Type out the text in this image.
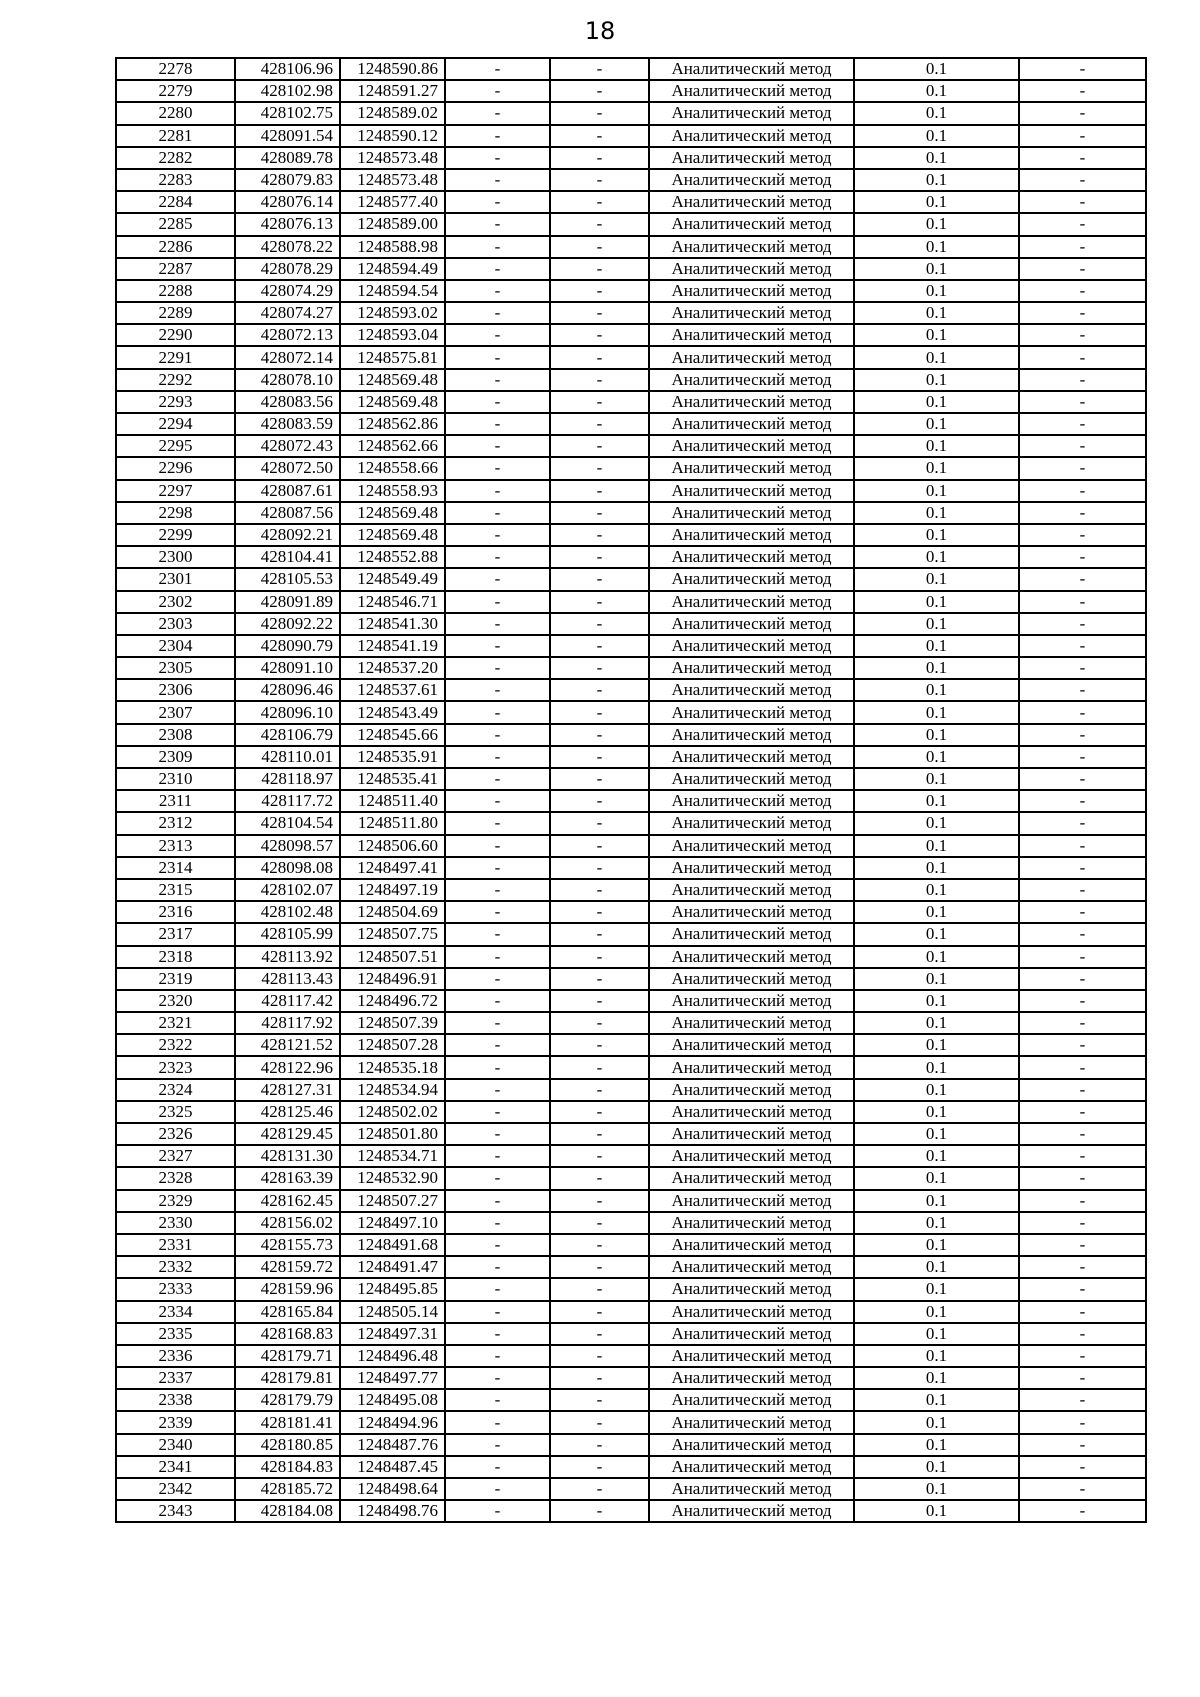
18
2278	428106.96	1248590.86	-	-	Аналитический метод	0.1	-
2279	428102.98	1248591.27	-	-	Аналитический метод	0.1	-
2280	428102.75	1248589.02	-	-	Аналитический метод	0.1	-
2281	428091.54	1248590.12	-	-	Аналитический метод	0.1	-
2282	428089.78	1248573.48	-	-	Аналитический метод	0.1	-
2283	428079.83	1248573.48	-	-	Аналитический метод	0.1	-
2284	428076.14	1248577.40	-	-	Аналитический метод	0.1	-
2285	428076.13	1248589.00	-	-	Аналитический метод	0.1	-
2286	428078.22	1248588.98	-	-	Аналитический метод	0.1	-
2287	428078.29	1248594.49	-	-	Аналитический метод	0.1	-
2288	428074.29	1248594.54	-	-	Аналитический метод	0.1	-
2289	428074.27	1248593.02	-	-	Аналитический метод	0.1	-
2290	428072.13	1248593.04	-	-	Аналитический метод	0.1	-
2291	428072.14	1248575.81	-	-	Аналитический метод	0.1	-
2292	428078.10	1248569.48	-	-	Аналитический метод	0.1	-
2293	428083.56	1248569.48	-	-	Аналитический метод	0.1	-
2294	428083.59	1248562.86	-	-	Аналитический метод	0.1	-
2295	428072.43	1248562.66	-	-	Аналитический метод	0.1	-
2296	428072.50	1248558.66	-	-	Аналитический метод	0.1	-
2297	428087.61	1248558.93	-	-	Аналитический метод	0.1	-
2298	428087.56	1248569.48	-	-	Аналитический метод	0.1	-
2299	428092.21	1248569.48	-	-	Аналитический метод	0.1	-
2300	428104.41	1248552.88	-	-	Аналитический метод	0.1	-
2301	428105.53	1248549.49	-	-	Аналитический метод	0.1	-
2302	428091.89	1248546.71	-	-	Аналитический метод	0.1	-
2303	428092.22	1248541.30	-	-	Аналитический метод	0.1	-
2304	428090.79	1248541.19	-	-	Аналитический метод	0.1	-
2305	428091.10	1248537.20	-	-	Аналитический метод	0.1	-
2306	428096.46	1248537.61	-	-	Аналитический метод	0.1	-
2307	428096.10	1248543.49	-	-	Аналитический метод	0.1	-
2308	428106.79	1248545.66	-	-	Аналитический метод	0.1	-
2309	428110.01	1248535.91	-	-	Аналитический метод	0.1	-
2310	428118.97	1248535.41	-	-	Аналитический метод	0.1	-
2311	428117.72	1248511.40	-	-	Аналитический метод	0.1	-
2312	428104.54	1248511.80	-	-	Аналитический метод	0.1	-
2313	428098.57	1248506.60	-	-	Аналитический метод	0.1	-
2314	428098.08	1248497.41	-	-	Аналитический метод	0.1	-
2315	428102.07	1248497.19	-	-	Аналитический метод	0.1	-
2316	428102.48	1248504.69	-	-	Аналитический метод	0.1	-
2317	428105.99	1248507.75	-	-	Аналитический метод	0.1	-
2318	428113.92	1248507.51	-	-	Аналитический метод	0.1	-
2319	428113.43	1248496.91	-	-	Аналитический метод	0.1	-
2320	428117.42	1248496.72	-	-	Аналитический метод	0.1	-
2321	428117.92	1248507.39	-	-	Аналитический метод	0.1	-
2322	428121.52	1248507.28	-	-	Аналитический метод	0.1	-
2323	428122.96	1248535.18	-	-	Аналитический метод	0.1	-
2324	428127.31	1248534.94	-	-	Аналитический метод	0.1	-
2325	428125.46	1248502.02	-	-	Аналитический метод	0.1	-
2326	428129.45	1248501.80	-	-	Аналитический метод	0.1	-
2327	428131.30	1248534.71	-	-	Аналитический метод	0.1	-
2328	428163.39	1248532.90	-	-	Аналитический метод	0.1	-
2329	428162.45	1248507.27	-	-	Аналитический метод	0.1	-
2330	428156.02	1248497.10	-	-	Аналитический метод	0.1	-
2331	428155.73	1248491.68	-	-	Аналитический метод	0.1	-
2332	428159.72	1248491.47	-	-	Аналитический метод	0.1	-
2333	428159.96	1248495.85	-	-	Аналитический метод	0.1	-
2334	428165.84	1248505.14	-	-	Аналитический метод	0.1	-
2335	428168.83	1248497.31	-	-	Аналитический метод	0.1	-
2336	428179.71	1248496.48	-	-	Аналитический метод	0.1	-
2337	428179.81	1248497.77	-	-	Аналитический метод	0.1	-
2338	428179.79	1248495.08	-	-	Аналитический метод	0.1	-
2339	428181.41	1248494.96	-	-	Аналитический метод	0.1	-
2340	428180.85	1248487.76	-	-	Аналитический метод	0.1	-
2341	428184.83	1248487.45	-	-	Аналитический метод	0.1	-
2342	428185.72	1248498.64	-	-	Аналитический метод	0.1	-
2343	428184.08	1248498.76	-	-	Аналитический метод	0.1	-
